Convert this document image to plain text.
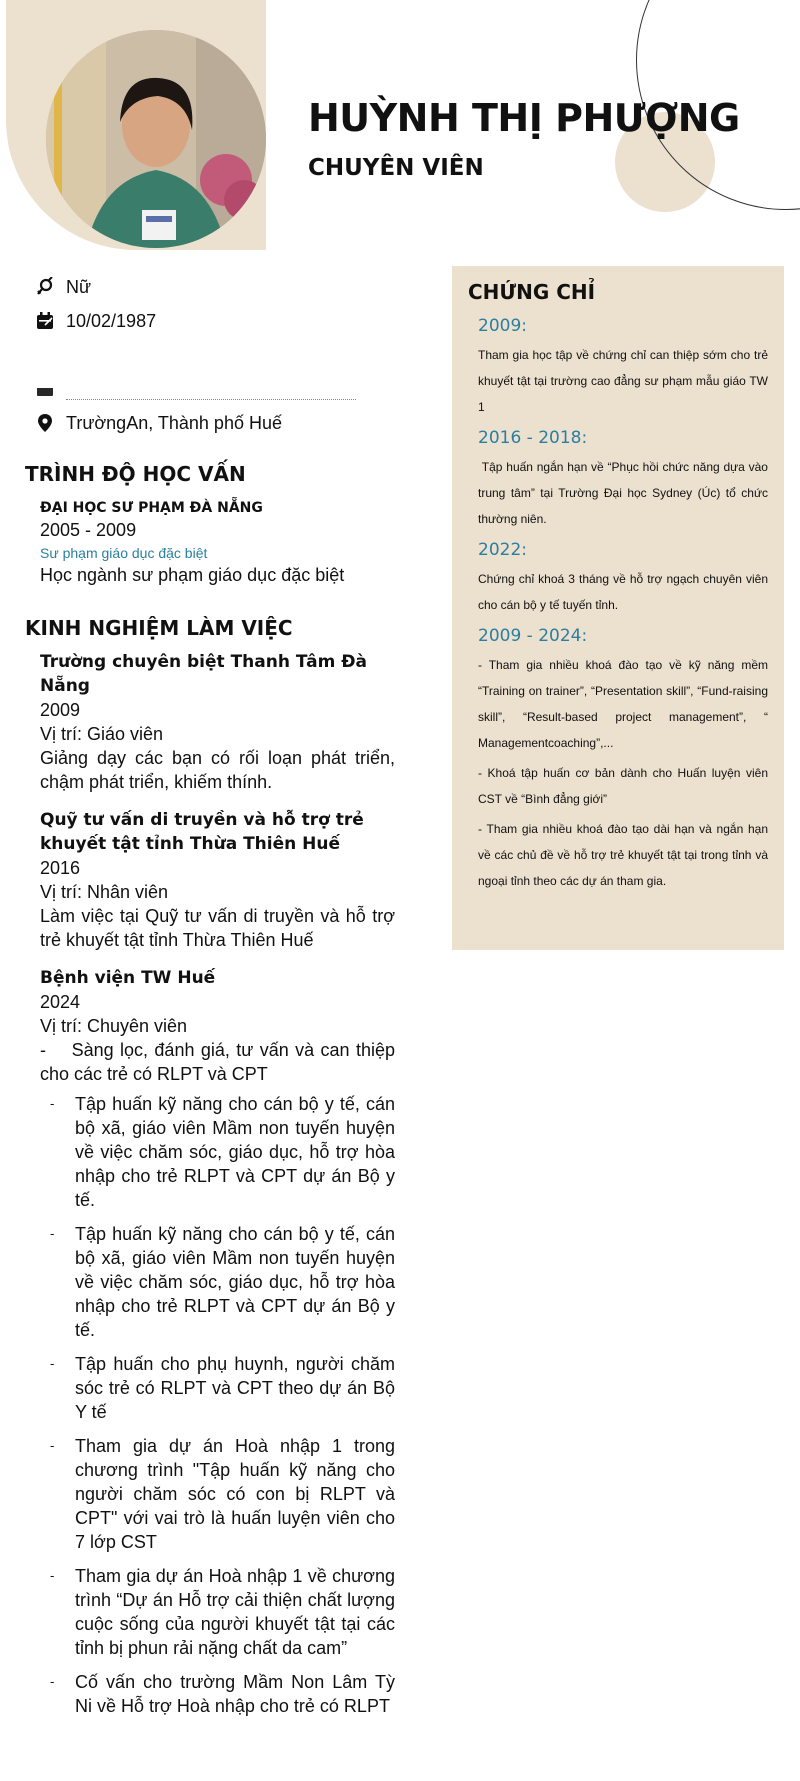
HUỲNH THỊ PHƯỢNG
CHUYÊN VIÊN
Nữ
10/02/1987
TrườngAn, Thành phố Huế
TRÌNH ĐỘ HỌC VẤN
ĐẠI HỌC SƯ PHẠM ĐÀ NẴNG
2005 - 2009
Sư phạm giáo dục đặc biệt
Học ngành sư phạm giáo dục đặc biệt
KINH NGHIỆM LÀM VIỆC
Trường chuyên biệt Thanh Tâm Đà Nẵng
2009
Vị trí: Giáo viên
Giảng dạy các bạn có rối loạn phát triển, chậm phát triển, khiếm thính.
Quỹ tư vấn di truyền và hỗ trợ trẻ khuyết tật tỉnh Thừa Thiên Huế
2016
Vị trí: Nhân viên
Làm việc tại Quỹ tư vấn di truyền và hỗ trợ trẻ khuyết tật tỉnh Thừa Thiên Huế
Bệnh viện TW Huế
2024
Vị trí: Chuyên viên
-    Sàng lọc, đánh giá, tư vấn và can thiệp cho các trẻ có RLPT và CPT
- Tập huấn kỹ năng cho cán bộ y tế, cán bộ xã, giáo viên Mầm non tuyến huyện về việc chăm sóc, giáo dục, hỗ trợ hòa nhập cho trẻ RLPT và CPT dự án Bộ y tế.
- Tập huấn kỹ năng cho cán bộ y tế, cán bộ xã, giáo viên Mầm non tuyến huyện về việc chăm sóc, giáo dục, hỗ trợ hòa nhập cho trẻ RLPT và CPT dự án Bộ y tế.
- Tập huấn cho phụ huynh, người chăm sóc trẻ có RLPT và CPT theo dự án Bộ Y tế
- Tham gia dự án Hoà nhập 1 trong chương trình "Tập huấn kỹ năng cho người chăm sóc có con bị RLPT và CPT" với vai trò là huấn luyện viên cho 7 lớp CST
- Tham gia dự án Hoà nhập 1 về chương trình “Dự án Hỗ trợ cải thiện chất lượng cuộc sống của người khuyết tật tại các tỉnh bị phun rải nặng chất da cam”
- Cố vấn cho trường Mầm Non Lâm Tỳ Ni về Hỗ trợ Hoà nhập cho trẻ có RLPT
CHỨNG CHỈ
2009:
Tham gia học tập về chứng chỉ can thiệp sớm cho trẻ khuyết tật tại trường cao đẳng sư phạm mẫu giáo TW 1
2016 - 2018:
Tập huấn ngắn hạn về “Phục hồi chức năng dựa vào trung tâm” tại Trường Đại học Sydney (Úc) tổ chức thường niên.
2022:
Chứng chỉ khoá 3 tháng về hỗ trợ ngạch chuyên viên cho cán bộ y tế tuyến tỉnh.
2009 - 2024:
- Tham gia nhiều khoá đào tạo về kỹ năng mềm “Training on trainer”, “Presentation skill”, “Fund-raising skill”, “Result-based project management”, “ Managementcoaching”,...
- Khoá tập huấn cơ bản dành cho Huấn luyện viên CST về “Bình đẳng giới”
- Tham gia nhiều khoá đào tạo dài hạn và ngắn hạn về các chủ đề về hỗ trợ trẻ khuyết tật tại trong tỉnh và ngoại tỉnh theo các dự án tham gia.
